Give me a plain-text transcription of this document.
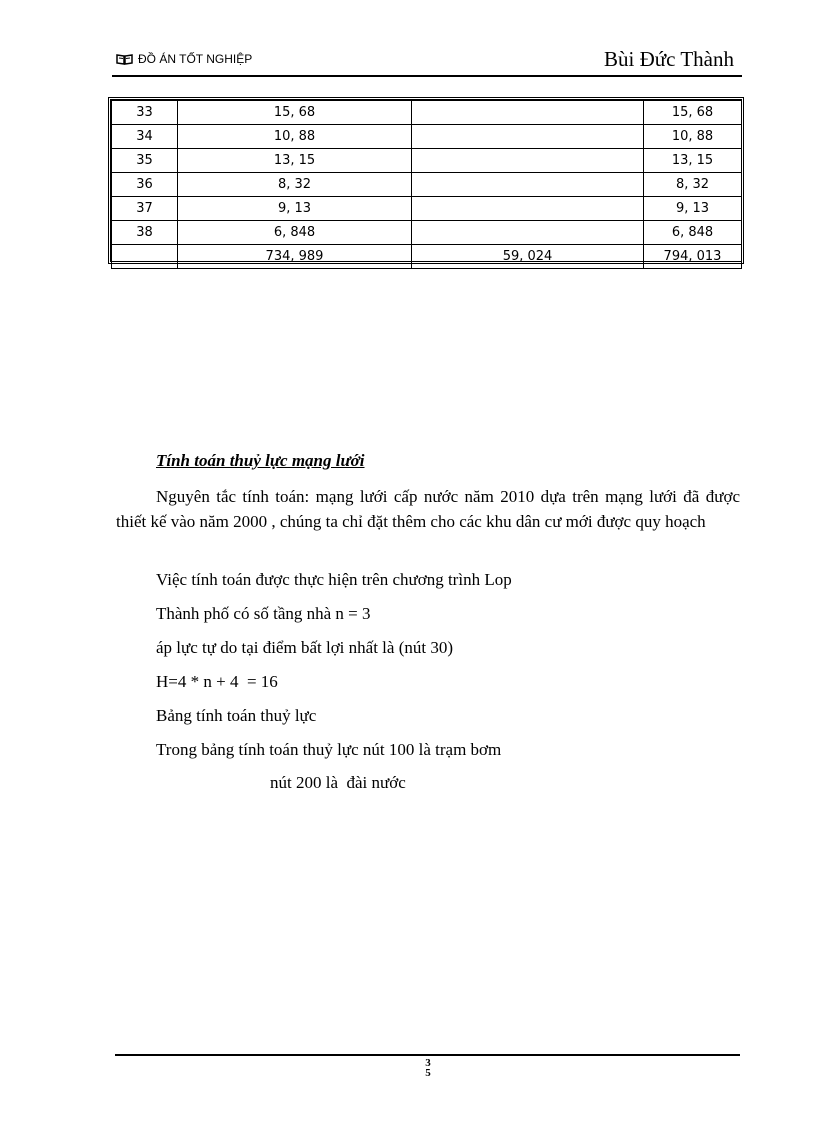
ĐỒ ÁN TỐT NGHIỆP	Bùi Đức Thành
33	15, 68		15, 68
34	10, 88		10, 88
35	13, 15		13, 15
36	8, 32		8, 32
37	9, 13		9, 13
38	6, 848		6, 848
	734, 989	59, 024	794, 013
Tính toán thuỷ lực mạng lưới
Nguyên tắc tính toán: mạng lưới cấp nước năm 2010 dựa trên mạng lưới đã được thiết kế vào năm 2000 , chúng ta chỉ đặt thêm cho các khu dân cư mới được quy hoạch
Việc tính toán được thực hiện trên chương trình Lop
Thành phố có số tầng nhà n = 3
áp lực tự do tại điểm bất lợi nhất là (nút 30)
H=4 * n + 4  = 16
Bảng tính toán thuỷ lực
Trong bảng tính toán thuỷ lực nút 100 là trạm bơm
nút 200 là  đài nước
3
5
